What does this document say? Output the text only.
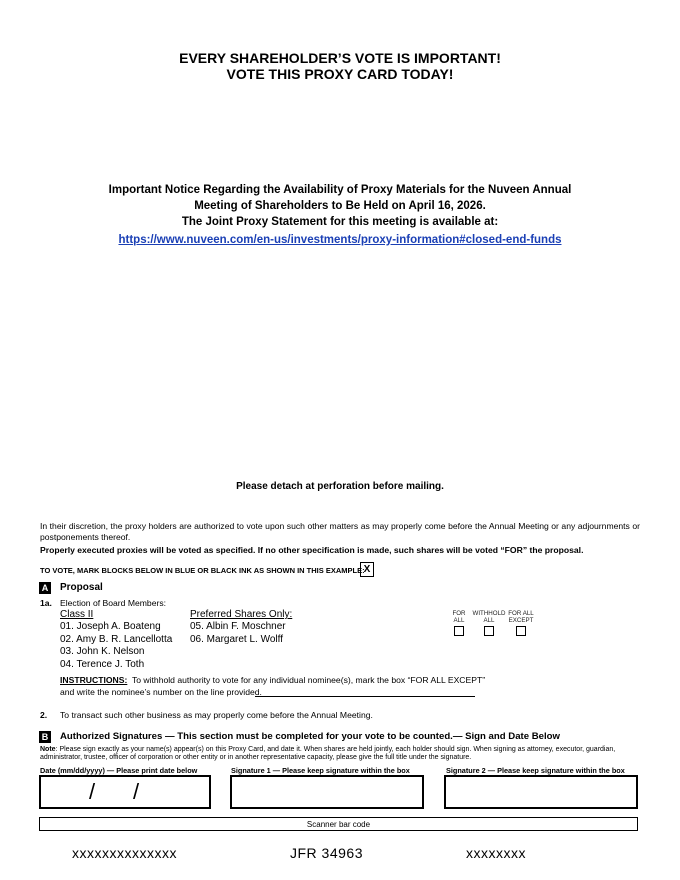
EVERY SHAREHOLDER’S VOTE IS IMPORTANT!
VOTE THIS PROXY CARD TODAY!
Important Notice Regarding the Availability of Proxy Materials for the Nuveen Annual
Meeting of Shareholders to Be Held on April 16, 2026.
The Joint Proxy Statement for this meeting is available at:
https://www.nuveen.com/en-us/investments/proxy-information#closed-end-funds
Please detach at perforation before mailing.
In their discretion, the proxy holders are authorized to vote upon such other matters as may properly come before the Annual Meeting or any adjournments or postponements thereof.
Properly executed proxies will be voted as specified. If no other specification is made, such shares will be voted “FOR” the proposal.
TO VOTE, MARK BLOCKS BELOW IN BLUE OR BLACK INK AS SHOWN IN THIS EXAMPLE: X
A Proposal
1a. Election of Board Members:
Class II
01. Joseph A. Boateng
02. Amy B. R. Lancellotta
03. John K. Nelson
04. Terence J. Toth
Preferred Shares Only:
05. Albin F. Moschner
06. Margaret L. Wolff
FOR
ALL
WITHHOLD
ALL
FOR ALL
EXCEPT
INSTRUCTIONS: To withhold authority to vote for any individual nominee(s), mark the box “FOR ALL EXCEPT”
and write the nominee’s number on the line provided.
2. To transact such other business as may properly come before the Annual Meeting.
B Authorized Signatures — This section must be completed for your vote to be counted.— Sign and Date Below
Note: Please sign exactly as your name(s) appear(s) on this Proxy Card, and date it. When shares are held jointly, each holder should sign. When signing as attorney, executor, guardian, administrator, trustee, officer of corporation or other entity or in another representative capacity, please give the full title under the signature.
Date (mm/dd/yyyy) — Please print date below	Signature 1 — Please keep signature within the box	Signature 2 — Please keep signature within the box
/ /
Scanner bar code
xxxxxxxxxxxxxx	JFR 34963	xxxxxxxx
